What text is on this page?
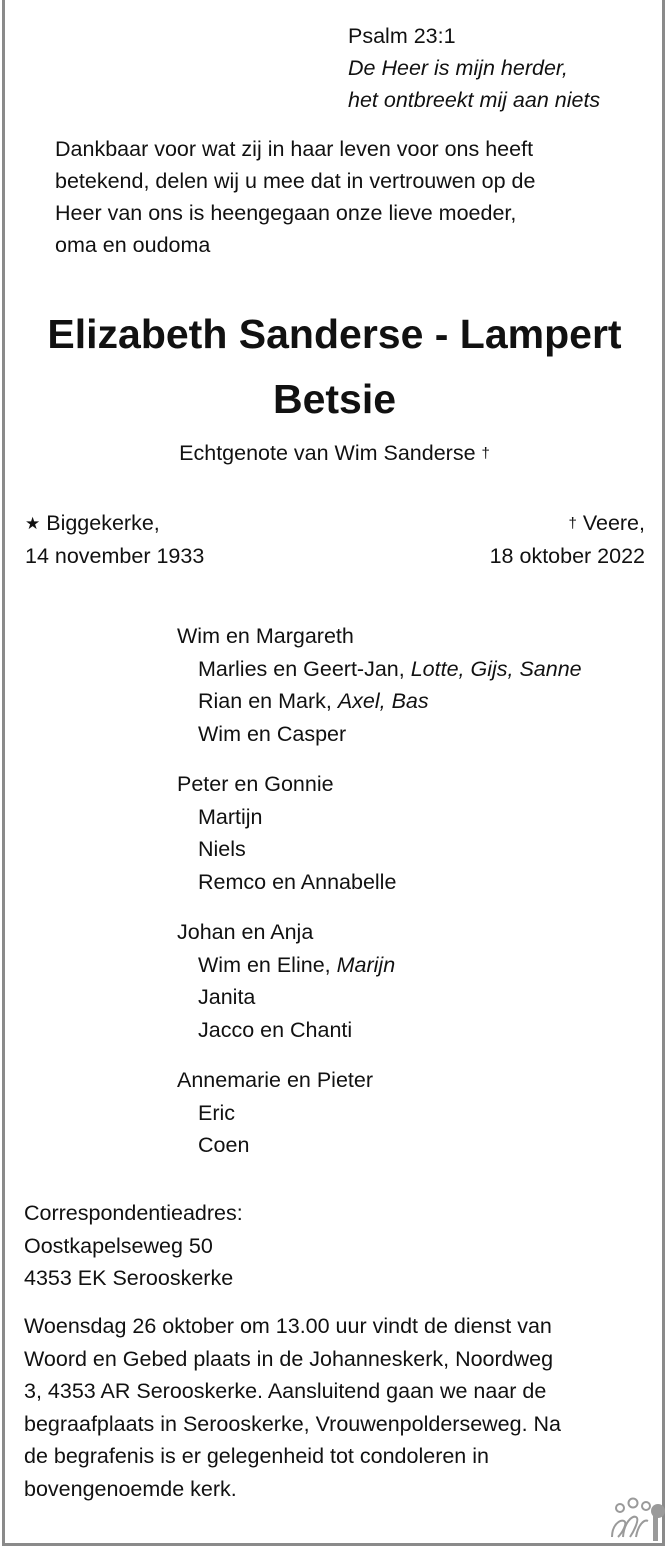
Psalm 23:1
De Heer is mijn herder,
het ontbreekt mij aan niets
Dankbaar voor wat zij in haar leven voor ons heeft
betekend, delen wij u mee dat in vertrouwen op de
Heer van ons is heengegaan onze lieve moeder,
oma en oudoma
Elizabeth Sanderse - Lampert
Betsie
Echtgenote van Wim Sanderse †
★ Biggekerke,
14 november 1933
† Veere,
18 oktober 2022
Wim en Margareth
Marlies en Geert-Jan, Lotte, Gijs, Sanne
Rian en Mark, Axel, Bas
Wim en Casper
Peter en Gonnie
Martijn
Niels
Remco en Annabelle
Johan en Anja
Wim en Eline, Marijn
Janita
Jacco en Chanti
Annemarie en Pieter
Eric
Coen
Correspondentieadres:
Oostkapelseweg 50
4353 EK Serooskerke
Woensdag 26 oktober om 13.00 uur vindt de dienst van
Woord en Gebed plaats in de Johanneskerk, Noordweg
3, 4353 AR Serooskerke. Aansluitend gaan we naar de
begraafplaats in Serooskerke, Vrouwenpolderseweg. Na
de begrafenis is er gelegenheid tot condoleren in
bovengenoemde kerk.
